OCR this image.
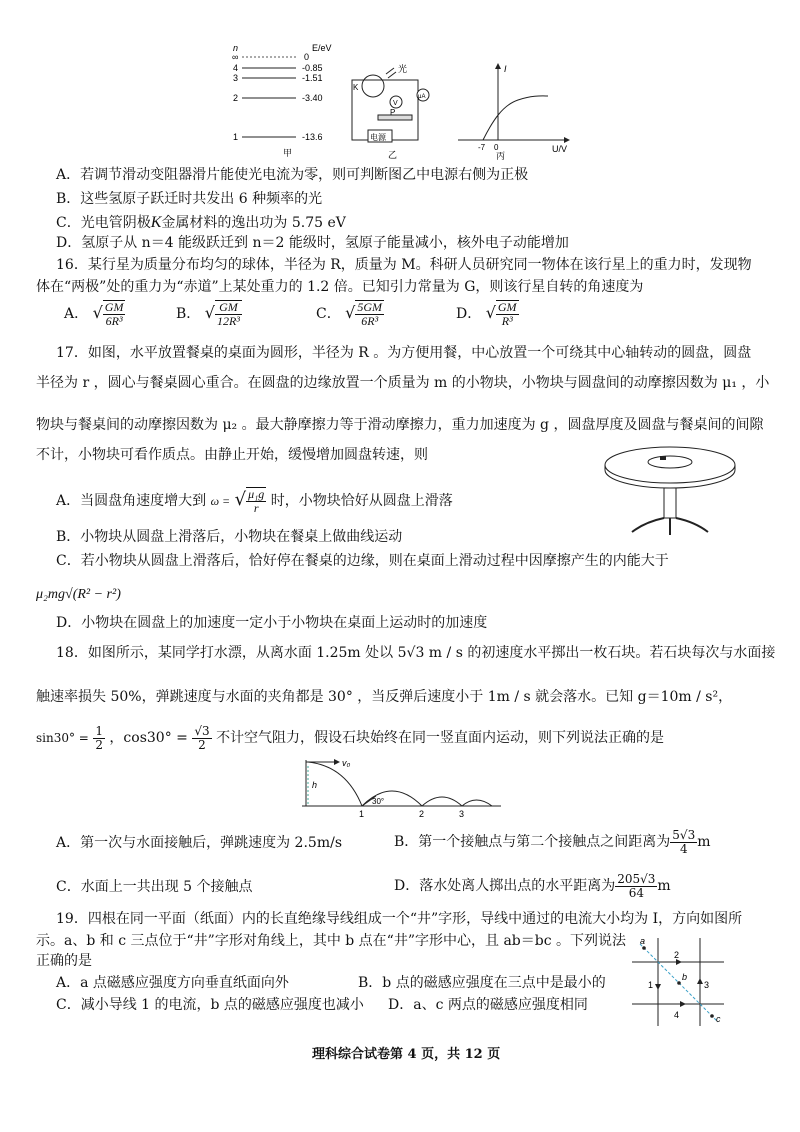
n	E/eV
∞	0
4	-0.85
3	-1.51
2	-3.40
1	-13.6
甲
光
K
V
μA
P
电源
乙
I
U/V
-7 0
丙
A．若调节滑动变阻器滑片能使光电流为零，则可判断图乙中电源右侧为正极
B．这些氢原子跃迁时共发出 6 种频率的光
C．光电管阴极K金属材料的逸出功为 5.75 eV
D．氢原子从 n＝4 能级跃迁到 n＝2 能级时，氢原子能量减小，核外电子动能增加
16．某行星为质量分布均匀的球体，半径为 R，质量为 M。科研人员研究同一物体在该行星上的重力时，发现物
体在“两极”处的重力为“赤道”上某处重力的 1.2 倍。已知引力常量为 G，则该行星自转的角速度为
A． √ $\frac{GM}{\text{6R³}}$	B． √ $\frac{GM}{\text{12R³}}$	C． √ $\frac{5GM}{\text{6R³}}$	D． √ $\frac{GM}{\text{R³}}$
17．如图，水平放置餐桌的桌面为圆形，半径为 R 。为方便用餐，中心放置一个可绕其中心轴转动的圆盘，圆盘
半径为 r ，圆心与餐桌圆心重合。在圆盘的边缘放置一个质量为 m 的小物块，小物块与圆盘间的动摩擦因数为 μ₁ ，小
物块与餐桌间的动摩擦因数为 μ₂ 。最大静摩擦力等于滑动摩擦力，重力加速度为 g ，圆盘厚度及圆盘与餐桌间的间隙
不计，小物块可看作质点。由静止开始，缓慢增加圆盘转速，则
A．当圆盘角速度增大到 ω = √ $\frac{\text{μ₁g}}{r}$ 时，小物块恰好从圆盘上滑落
B．小物块从圆盘上滑落后，小物块在餐桌上做曲线运动
C．若小物块从圆盘上滑落后，恰好停在餐桌的边缘，则在桌面上滑动过程中因摩擦产生的内能大于
μ₂mg√(R² − r²)
D．小物块在圆盘上的加速度一定小于小物块在桌面上运动时的加速度
18．如图所示，某同学打水漂，从离水面 1.25m 处以 5√3 m / s 的初速度水平掷出一枚石块。若石块每次与水面接
触速率损失 50%，弹跳速度与水面的夹角都是 30° ，当反弹后速度小于 1m / s 就会落水。已知 g＝10m / s²，
$\sin 30^\circ = \frac{1}{2}$ ，$\cos 30^\circ = \frac{√3}{2}$ 不计空气阻力，假设石块始终在同一竖直面内运动，则下列说法正确的是
v₀
h
30°
1	2	3
A．第一次与水面接触后，弹跳速度为 2.5m/s	B．第一个接触点与第二个接触点之间距离为 $\frac{5√3}{4}$ m
C．水面上一共出现 5 个接触点	D．落水处离人掷出点的水平距离为 $\frac{205√3}{64}$ m
19．四根在同一平面（纸面）内的长直绝缘导线组成一个“井”字形，导线中通过的电流大小均为 I，方向如图所
示。a、b 和 c 三点位于“井”字形对角线上，其中 b 点在“井”字形中心，且 ab＝bc 。下列说法
正确的是
A．a 点磁感应强度方向垂直纸面向外	B．b 点的磁感应强度在三点中是最小的
C．减小导线 1 的电流，b 点的磁感应强度也减小 D．a、c 两点的磁感应强度相同
1	3
2
4
a
b
c
理科综合试卷第 4 页，共 12 页
